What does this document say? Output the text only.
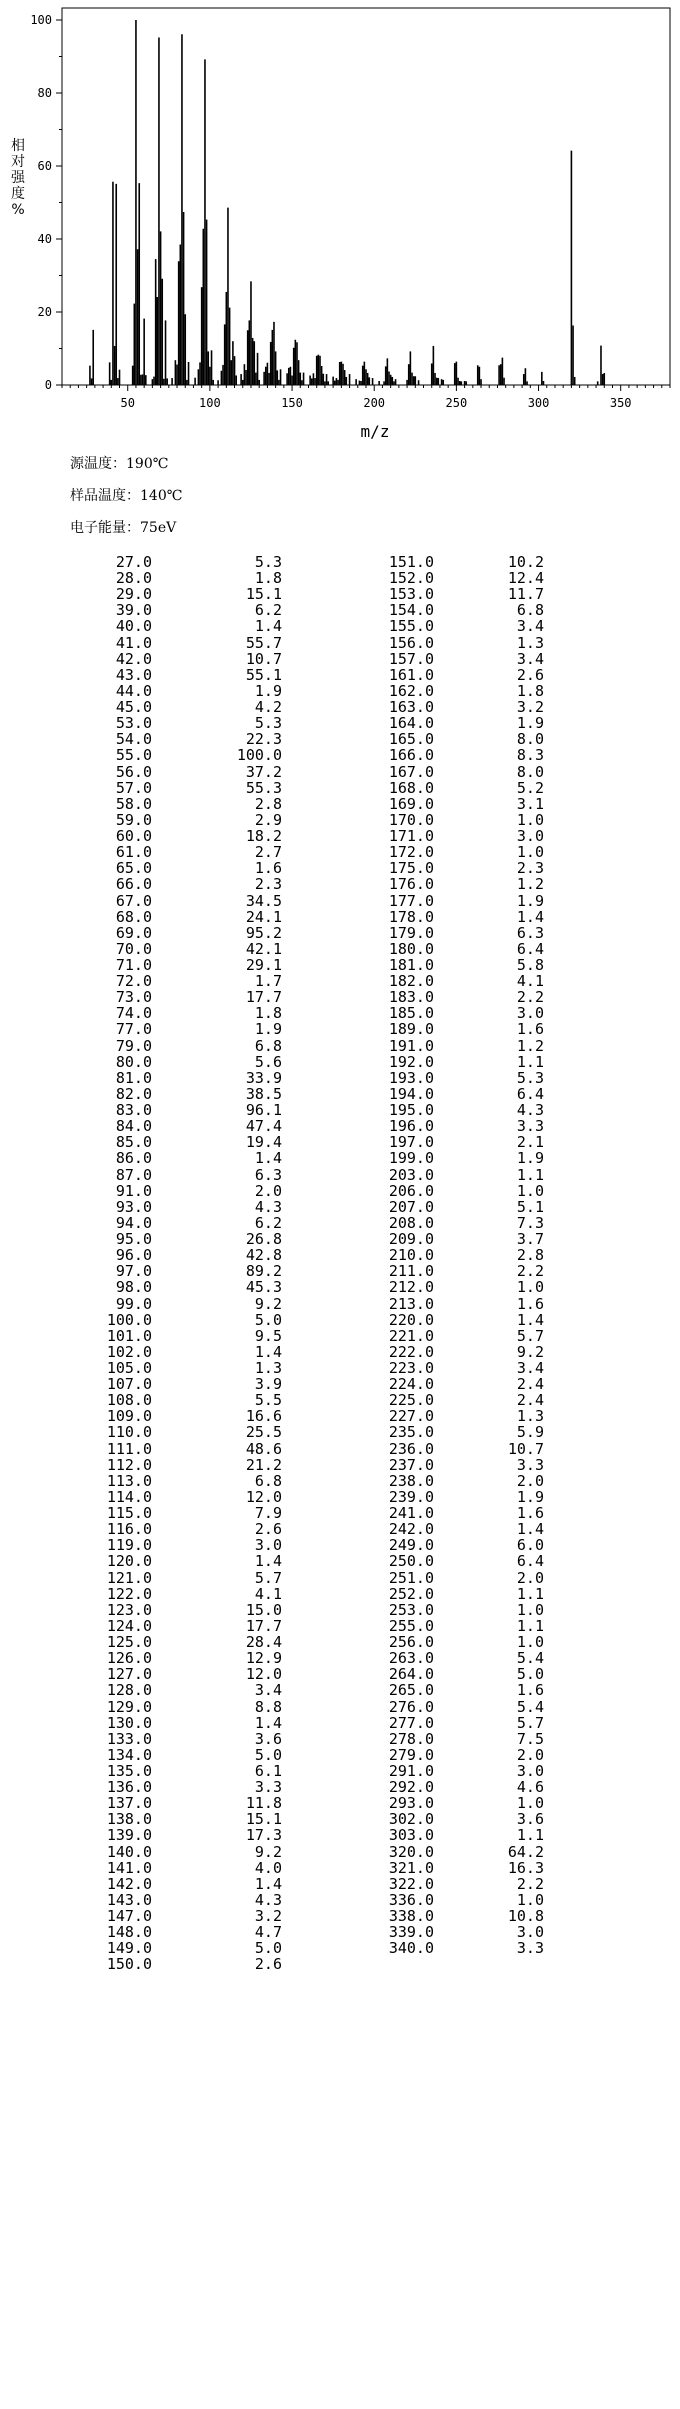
0
20
40
60
80
100
50	100	150	200	250	300	350
相对强度%
m/z
源温度：190℃
样品温度：140℃
电子能量：75eV
27.0	5.3
28.0	1.8
29.0	15.1
39.0	6.2
40.0	1.4
41.0	55.7
42.0	10.7
43.0	55.1
44.0	1.9
45.0	4.2
53.0	5.3
54.0	22.3
55.0	100.0
56.0	37.2
57.0	55.3
58.0	2.8
59.0	2.9
60.0	18.2
61.0	2.7
65.0	1.6
66.0	2.3
67.0	34.5
68.0	24.1
69.0	95.2
70.0	42.1
71.0	29.1
72.0	1.7
73.0	17.7
74.0	1.8
77.0	1.9
79.0	6.8
80.0	5.6
81.0	33.9
82.0	38.5
83.0	96.1
84.0	47.4
85.0	19.4
86.0	1.4
87.0	6.3
91.0	2.0
93.0	4.3
94.0	6.2
95.0	26.8
96.0	42.8
97.0	89.2
98.0	45.3
99.0	9.2
100.0	5.0
101.0	9.5
102.0	1.4
105.0	1.3
107.0	3.9
108.0	5.5
109.0	16.6
110.0	25.5
111.0	48.6
112.0	21.2
113.0	6.8
114.0	12.0
115.0	7.9
116.0	2.6
119.0	3.0
120.0	1.4
121.0	5.7
122.0	4.1
123.0	15.0
124.0	17.7
125.0	28.4
126.0	12.9
127.0	12.0
128.0	3.4
129.0	8.8
130.0	1.4
133.0	3.6
134.0	5.0
135.0	6.1
136.0	3.3
137.0	11.8
138.0	15.1
139.0	17.3
140.0	9.2
141.0	4.0
142.0	1.4
143.0	4.3
147.0	3.2
148.0	4.7
149.0	5.0
150.0	2.6
151.0	10.2
152.0	12.4
153.0	11.7
154.0	6.8
155.0	3.4
156.0	1.3
157.0	3.4
161.0	2.6
162.0	1.8
163.0	3.2
164.0	1.9
165.0	8.0
166.0	8.3
167.0	8.0
168.0	5.2
169.0	3.1
170.0	1.0
171.0	3.0
172.0	1.0
175.0	2.3
176.0	1.2
177.0	1.9
178.0	1.4
179.0	6.3
180.0	6.4
181.0	5.8
182.0	4.1
183.0	2.2
185.0	3.0
189.0	1.6
191.0	1.2
192.0	1.1
193.0	5.3
194.0	6.4
195.0	4.3
196.0	3.3
197.0	2.1
199.0	1.9
203.0	1.1
206.0	1.0
207.0	5.1
208.0	7.3
209.0	3.7
210.0	2.8
211.0	2.2
212.0	1.0
213.0	1.6
220.0	1.4
221.0	5.7
222.0	9.2
223.0	3.4
224.0	2.4
225.0	2.4
227.0	1.3
235.0	5.9
236.0	10.7
237.0	3.3
238.0	2.0
239.0	1.9
241.0	1.6
242.0	1.4
249.0	6.0
250.0	6.4
251.0	2.0
252.0	1.1
253.0	1.0
255.0	1.1
256.0	1.0
263.0	5.4
264.0	5.0
265.0	1.6
276.0	5.4
277.0	5.7
278.0	7.5
279.0	2.0
291.0	3.0
292.0	4.6
293.0	1.0
302.0	3.6
303.0	1.1
320.0	64.2
321.0	16.3
322.0	2.2
336.0	1.0
338.0	10.8
339.0	3.0
340.0	3.3
